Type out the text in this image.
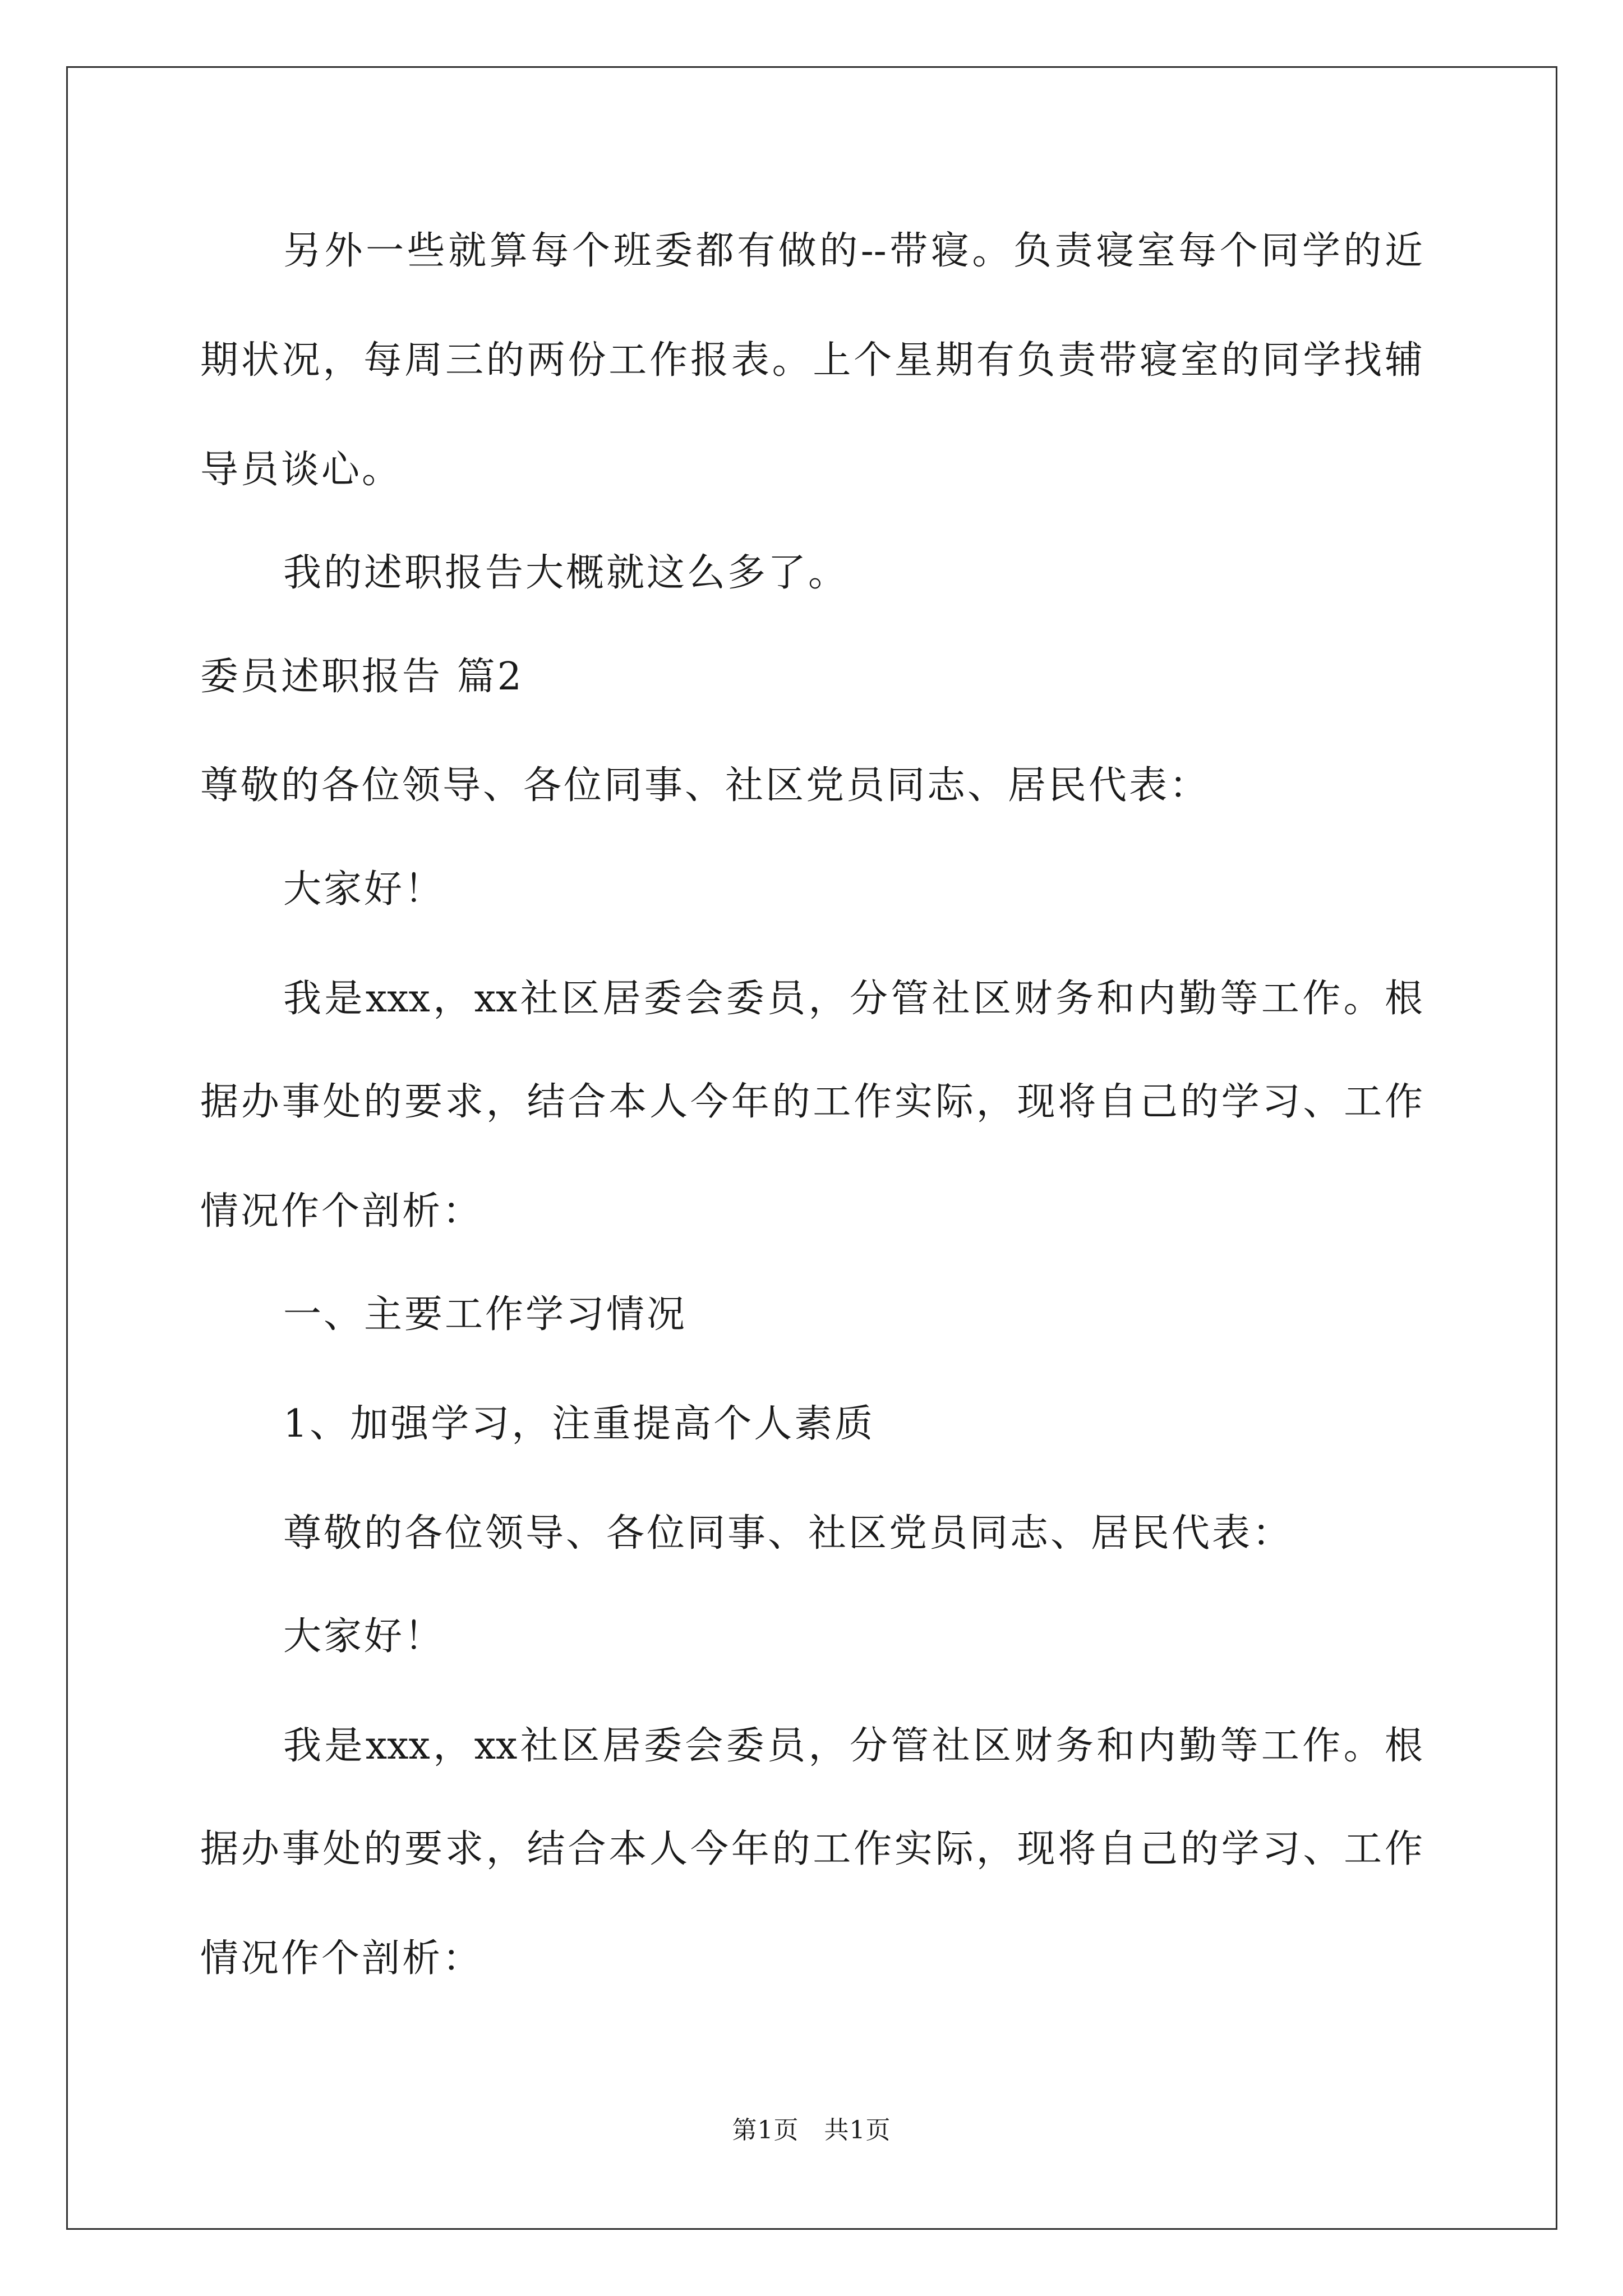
另外一些就算每个班委都有做的--带寝。负责寝室每个同学的近
期状况，每周三的两份工作报表。上个星期有负责带寝室的同学找辅
导员谈心。
我的述职报告大概就这么多了。
委员述职报告 篇2
尊敬的各位领导、各位同事、社区党员同志、居民代表：
大家好！
我是xxx，xx社区居委会委员，分管社区财务和内勤等工作。根
据办事处的要求，结合本人今年的工作实际，现将自己的学习、工作
情况作个剖析：
一、主要工作学习情况
1、加强学习，注重提高个人素质
尊敬的各位领导、各位同事、社区党员同志、居民代表：
大家好！
我是xxx，xx社区居委会委员，分管社区财务和内勤等工作。根
据办事处的要求，结合本人今年的工作实际，现将自己的学习、工作
情况作个剖析：
第1页　共1页
